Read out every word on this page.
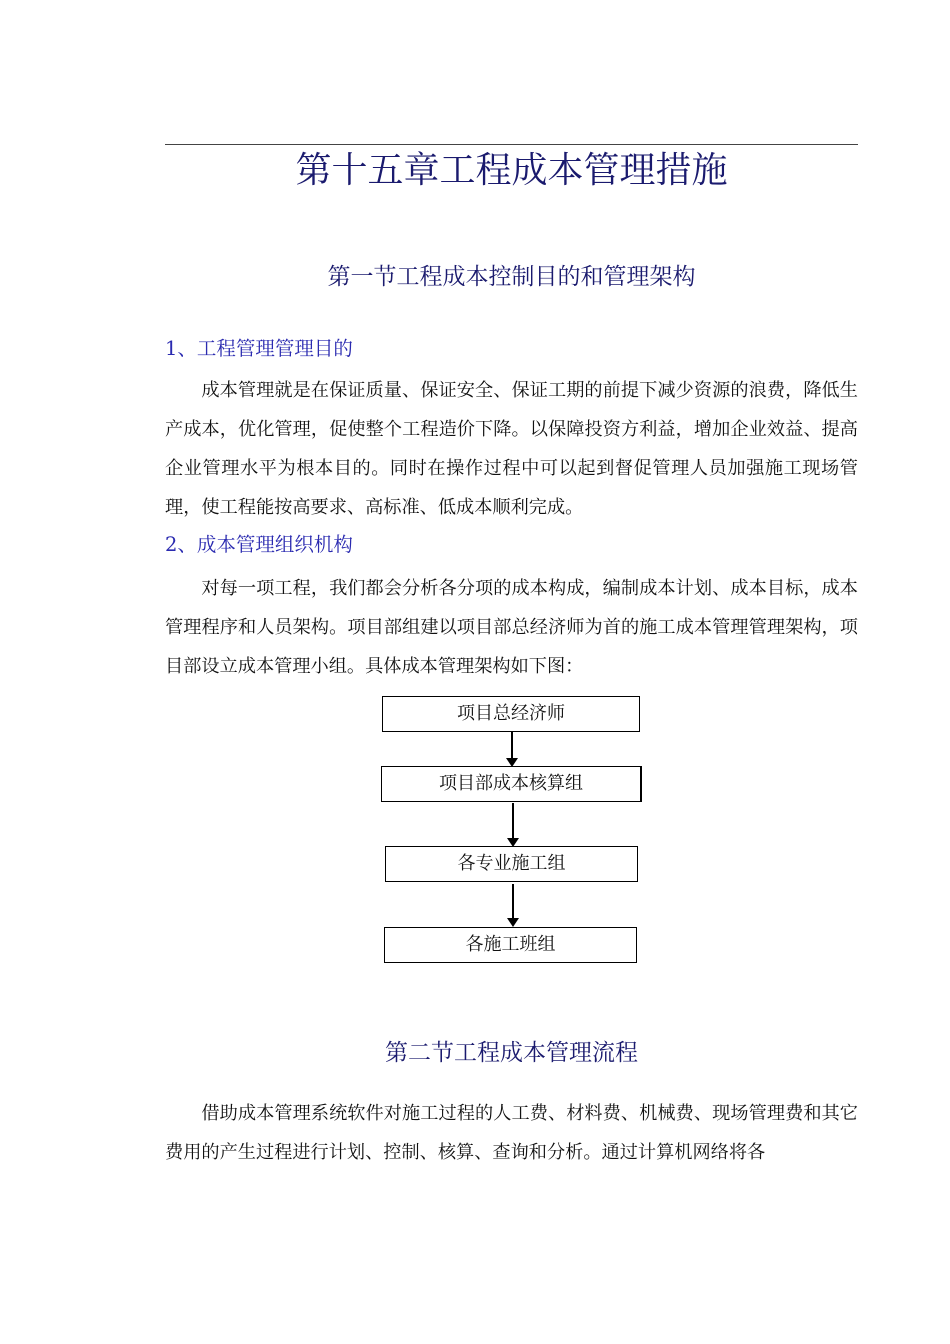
第十五章工程成本管理措施
第一节工程成本控制目的和管理架构
1、工程管理管理目的

成本管理就是在保证质量、保证安全、保证工期的前提下减少资源的浪费，降低生产成本，优化管理，促使整个工程造价下降。以保障投资方利益，增加企业效益、提高企业管理水平为根本目的。同时在操作过程中可以起到督促管理人员加强施工现场管理，使工程能按高要求、高标准、低成本顺利完成。

2、成本管理组织机构

对每一项工程，我们都会分析各分项的成本构成，编制成本计划、成本目标，成本管理程序和人员架构。项目部组建以项目部总经济师为首的施工成本管理管理架构，项目部设立成本管理小组。具体成本管理架构如下图：

项目总经济师
项目部成本核算组
各专业施工组
各施工班组
第二节工程成本管理流程

借助成本管理系统软件对施工过程的人工费、材料费、机械费、现场管理费和其它费用的产生过程进行计划、控制、核算、查询和分析。通过计算机网络将各
